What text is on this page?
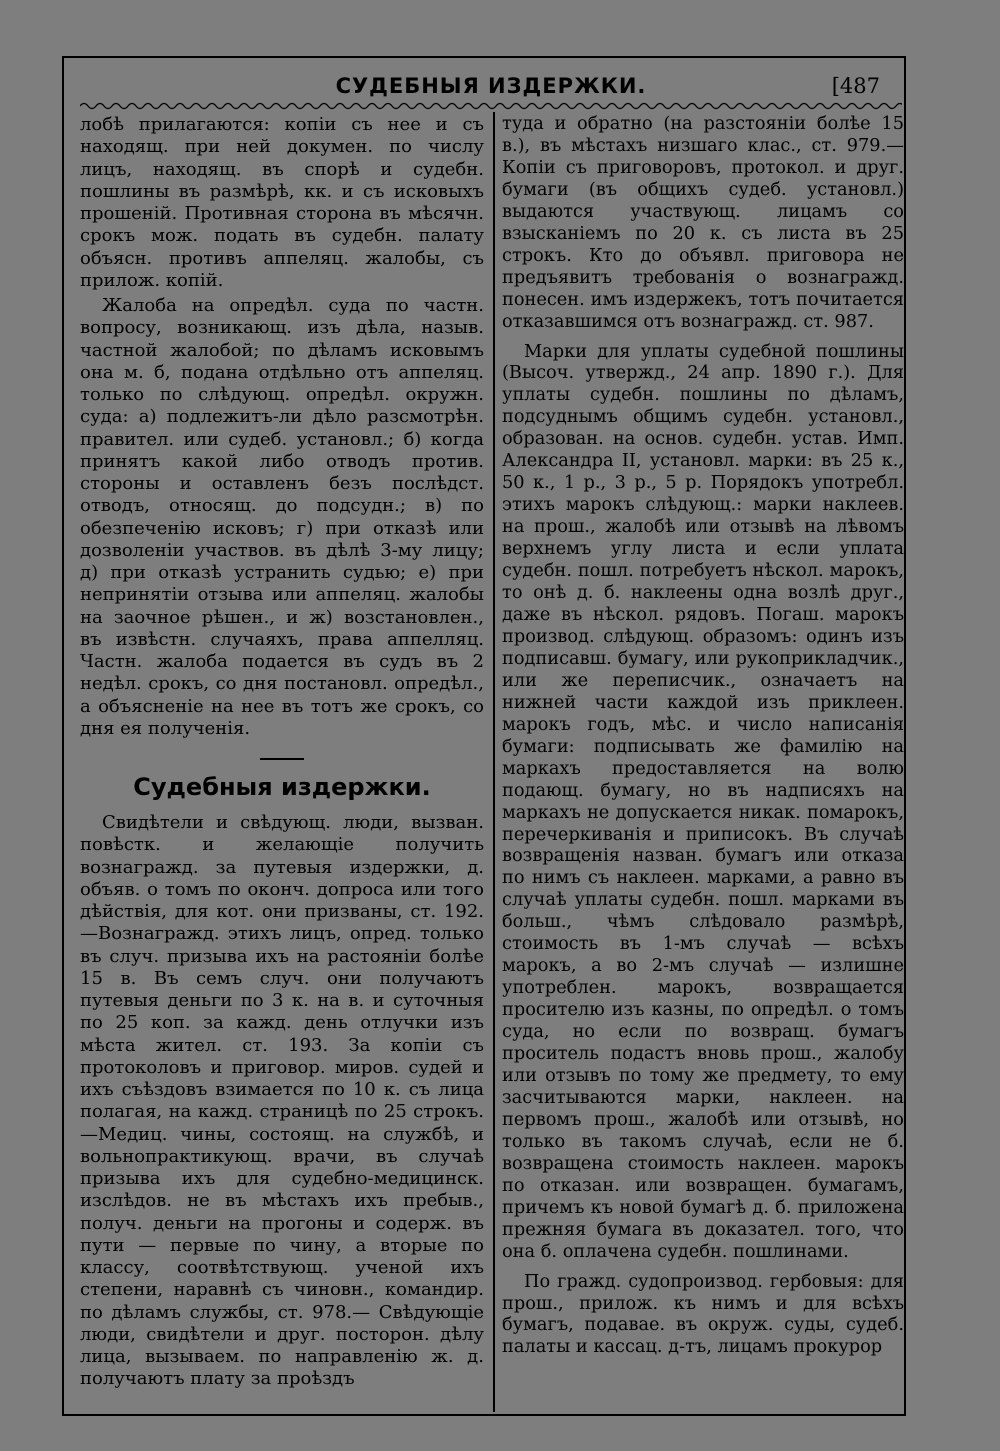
СУДЕБНЫЯ ИЗДЕРЖКИ.	[487

лобѣ прилагаются: копіи съ нее и съ находящ. при ней докумен. по числу лицъ, находящ. въ спорѣ и судебн. пошлины въ размѣрѣ, кк. и съ исковыхъ прошеній. Противная сторона въ мѣсячн. срокъ мож. подать въ судебн. палату объясн. противъ аппеляц. жалобы, съ прилож. копій.

Жалоба на опредѣл. суда по частн. вопросу, возникающ. изъ дѣла, назыв. частной жалобой; по дѣламъ исковымъ она м. б, подана отдѣльно отъ аппеляц. только по слѣдующ. опредѣл. окружн. суда: а) подлежитъ-ли дѣло разсмотрѣн. правител. или судеб. установл.; б) когда принятъ какой либо отводъ против. стороны и оставленъ безъ послѣдст. отводъ, относящ. до подсудн.; в) по обезпеченію исковъ; г) при отказѣ или дозволеніи участвов. въ дѣлѣ 3-му лицу; д) при отказѣ устранить судью; е) при непринятіи отзыва или аппеляц. жалобы на заочное рѣшен., и ж) возстановлен., въ извѣстн. случаяхъ, права аппелляц. Частн. жалоба подается въ судъ въ 2 недѣл. срокъ, со дня постановл. опредѣл., а объясненіе на нее въ тотъ же срокъ, со дня ея полученія.

Судебныя издержки.

Свидѣтели и свѣдующ. люди, вызван. повѣстк. и желающіе получить вознагражд. за путевыя издержки, д. объяв. о томъ по оконч. допроса или того дѣйствія, для кот. они призваны, ст. 192.—Вознагражд. этихъ лицъ, опред. только въ случ. призыва ихъ на растояніи болѣе 15 в. Въ семъ случ. они получаютъ путевыя деньги по 3 к. на в. и суточныя по 25 коп. за кажд. день отлучки изъ мѣста жител. ст. 193. За копіи съ протоколовъ и приговор. миров. судей и ихъ съѣздовъ взимается по 10 к. съ лица полагая, на кажд. страницѣ по 25 строкъ.—Медиц. чины, состоящ. на службѣ, и вольнопрактикующ. врачи, въ случаѣ призыва ихъ для судебно-медицинск. изслѣдов. не въ мѣстахъ ихъ пребыв., получ. деньги на прогоны и содерж. въ пути — первые по чину, а вторые по классу, соотвѣтствующ. ученой ихъ степени, наравнѣ съ чиновн., командир. по дѣламъ службы, ст. 978.— Свѣдующіе люди, свидѣтели и друг. посторон. дѣлу лица, вызываем. по направленію ж. д. получаютъ плату за проѣздъ

туда и обратно (на разстояніи болѣе 15 в.), въ мѣстахъ низшаго клас., ст. 979.— Копіи съ приговоровъ, протокол. и друг. бумаги (въ общихъ судеб. установл.) выдаются участвующ. лицамъ со взысканіемъ по 20 к. съ листа въ 25 строкъ. Кто до объявл. приговора не предъявитъ требованія о вознагражд. понесен. имъ издержекъ, тотъ почитается отказавшимся отъ вознагражд. ст. 987.

Марки для уплаты судебной пошлины (Высоч. утвержд., 24 апр. 1890 г.). Для уплаты судебн. пошлины по дѣламъ, подсуднымъ общимъ судебн. установл., образован. на основ. судебн. устав. Имп. Александра II, установл. марки: въ 25 к., 50 к., 1 р., 3 р., 5 р. Порядокъ употребл. этихъ марокъ слѣдующ.: марки наклеев. на прош., жалобѣ или отзывѣ на лѣвомъ верхнемъ углу листа и если уплата судебн. пошл. потребуетъ нѣскол. марокъ, то онѣ д. б. наклеены одна возлѣ друг., даже въ нѣскол. рядовъ. Погаш. марокъ производ. слѣдующ. образомъ: одинъ изъ подписавш. бумагу, или рукоприкладчик., или же переписчик., означаетъ на нижней части каждой изъ приклеен. марокъ годъ, мѣс. и число написанія бумаги: подписывать же фамилію на маркахъ предоставляется на волю подающ. бумагу, но въ надписяхъ на маркахъ не допускается никак. помарокъ, перечеркиванія и приписокъ. Въ случаѣ возвращенія назван. бумагъ или отказа по нимъ съ наклеен. марками, а равно въ случаѣ уплаты судебн. пошл. марками въ больш., чѣмъ слѣдовало размѣрѣ, стоимость въ 1-мъ случаѣ — всѣхъ марокъ, а во 2-мъ случаѣ — излишне употреблен. марокъ, возвращается просителю изъ казны, по опредѣл. о томъ суда, но если по возвращ. бумагъ проситель подастъ вновь прош., жалобу или отзывъ по тому же предмету, то ему засчитываются марки, наклеен. на первомъ прош., жалобѣ или отзывѣ, но только въ такомъ случаѣ, если не б. возвращена стоимость наклеен. марокъ по отказан. или возвращен. бумагамъ, причемъ къ новой бумагѣ д. б. приложена прежняя бумага въ доказател. того, что она б. оплачена судебн. пошлинами.

По гражд. судопроизвод. гербовыя: для прош., прилож. къ нимъ и для всѣхъ бумагъ, подавае. въ окруж. суды, судеб. палаты и кассац. д-тъ, лицамъ прокурор
